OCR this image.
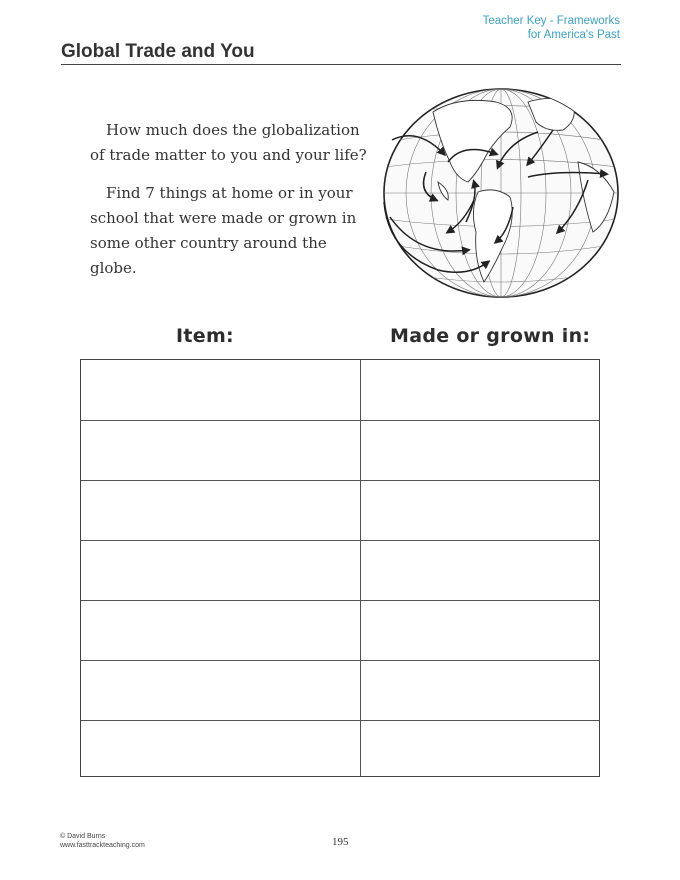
Teacher Key - Frameworks
for America's Past
Global Trade and You

How much does the globalization of trade matter to you and your life?

Find 7 things at home or in your school that were made or grown in some other country around the globe.

Item:	Made or grown in:
© David Burns
www.fasttrackteaching.com	195
